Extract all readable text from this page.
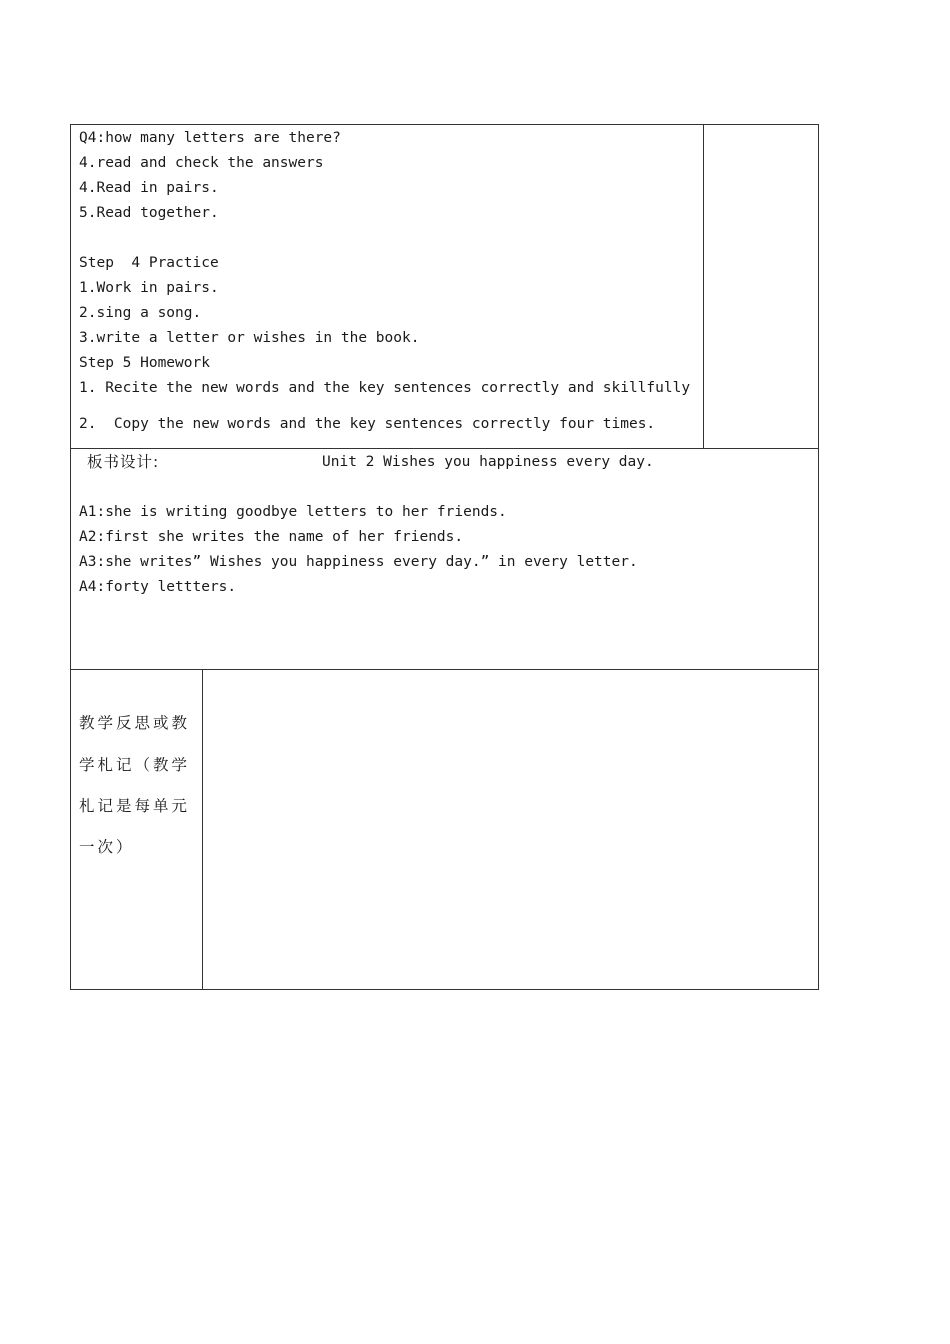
Q4:how many letters are there?
4.read and check the answers
4.Read in pairs.
5.Read together.
Step  4 Practice
1.Work in pairs.
2.sing a song.
3.write a letter or wishes in the book.
Step 5 Homework
1. Recite the new words and the key sentences correctly and skillfully
2.  Copy the new words and the key sentences correctly four times.
板书设计:	Unit 2 Wishes you happiness every day.
A1:she is writing goodbye letters to her friends.
A2:first she writes the name of her friends.
A3:she writes” Wishes you happiness every day.” in every letter.
A4:forty lettters.
教学反思或教
学札记（教学
札记是每单元
一次）
